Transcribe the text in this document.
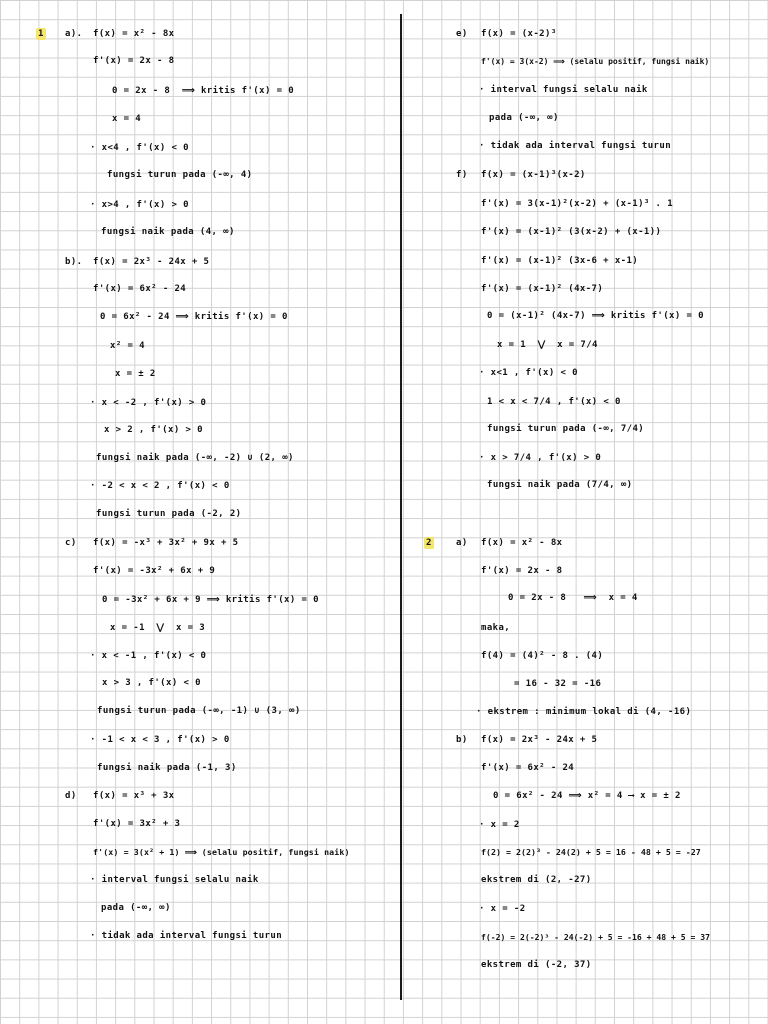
1 a). f(x) = x² - 8x
f'(x) = 2x - 8
0 = 2x - 8  ⟹ kritis f'(x) = 0
x = 4
· x<4 , f'(x) < 0
fungsi turun pada (-∞, 4)
· x>4 , f'(x) > 0
fungsi naik pada (4, ∞)
b). f(x) = 2x³ - 24x + 5
f'(x) = 6x² - 24
0 = 6x² - 24 ⟹ kritis f'(x) = 0
x² = 4
x = ± 2
· x < -2 , f'(x) > 0
x > 2 , f'(x) > 0
fungsi naik pada (-∞, -2) ∪ (2, ∞)
· -2 < x < 2 , f'(x) < 0
fungsi turun pada (-2, 2)
c) f(x) = -x³ + 3x² + 9x + 5
f'(x) = -3x² + 6x + 9
0 = -3x² + 6x + 9 ⟹ kritis f'(x) = 0
x = -1  ⋁  x = 3
· x < -1 , f'(x) < 0
x > 3 , f'(x) < 0
fungsi turun pada (-∞, -1) ∪ (3, ∞)
· -1 < x < 3 , f'(x) > 0
fungsi naik pada (-1, 3)
d) f(x) = x³ + 3x
f'(x) = 3x² + 3
f'(x) = 3(x² + 1) ⟹ (selalu positif, fungsi naik)
· interval fungsi selalu naik
pada (-∞, ∞)
· tidak ada interval fungsi turun
e) f(x) = (x-2)³
f'(x) = 3(x-2) ⟹ (selalu positif, fungsi naik)
· interval fungsi selalu naik
pada (-∞, ∞)
· tidak ada interval fungsi turun
f) f(x) = (x-1)³(x-2)
f'(x) = 3(x-1)²(x-2) + (x-1)³ . 1
f'(x) = (x-1)² (3(x-2) + (x-1))
f'(x) = (x-1)² (3x-6 + x-1)
f'(x) = (x-1)² (4x-7)
0 = (x-1)² (4x-7) ⟹ kritis f'(x) = 0
x = 1  ⋁  x = 7/4
· x<1 , f'(x) < 0
1 < x < 7/4 , f'(x) < 0
fungsi turun pada (-∞, 7/4)
· x > 7/4 , f'(x) > 0
fungsi naik pada (7/4, ∞)
2	a) f(x) = x² - 8x
f'(x) = 2x - 8
0 = 2x - 8   ⟹  x = 4
maka,
f(4) = (4)² - 8 . (4)
= 16 - 32 = -16
· ekstrem : minimum lokal di (4, -16)
b) f(x) = 2x³ - 24x + 5
f'(x) = 6x² - 24
0 = 6x² - 24 ⟹ x² = 4 ⟶ x = ± 2
· x = 2
f(2) = 2(2)³ - 24(2) + 5 = 16 - 48 + 5 = -27
ekstrem di (2, -27)
· x = -2
f(-2) = 2(-2)³ - 24(-2) + 5 = -16 + 48 + 5 = 37
ekstrem di (-2, 37)
